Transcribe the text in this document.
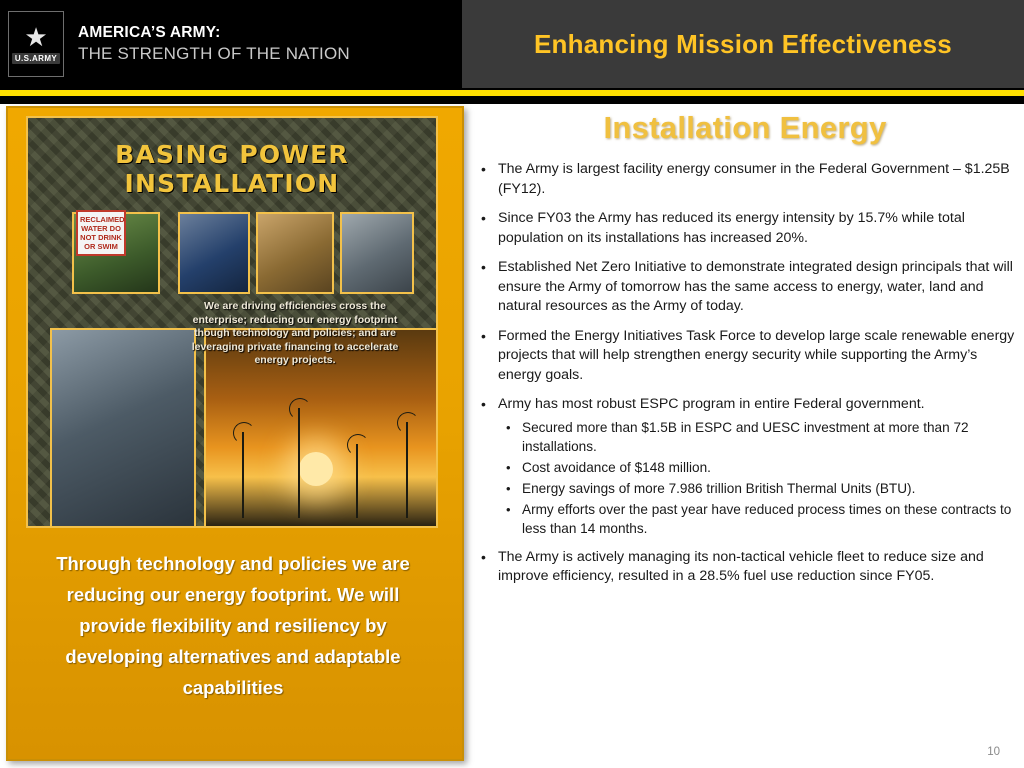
★
U.S.ARMY
AMERICA’S ARMY:
THE STRENGTH OF THE NATION	Enhancing Mission Effectiveness
BASING POWER
INSTALLATION
RECLAIMED WATER DO NOT DRINK OR SWIM
We are driving efficiencies cross the enterprise; reducing our energy footprint though technology and policies; and are leveraging private financing to accelerate energy projects.
Through technology and policies we are reducing our energy footprint. We will provide flexibility and resiliency by developing alternatives and adaptable capabilities
Installation Energy
• The Army is largest facility energy consumer in the Federal Government – $1.25B (FY12).
• Since FY03 the Army has reduced its energy intensity by 15.7% while total population on its installations has increased 20%.
• Established Net Zero Initiative to demonstrate integrated design principals that will ensure the Army of tomorrow has the same access to energy, water, land and natural resources as the Army of today.
• Formed the Energy Initiatives Task Force to develop large scale renewable energy projects that will help strengthen energy security while supporting the Army’s energy goals.
• Army has most robust ESPC program in entire Federal government.
• Secured more than $1.5B in ESPC and UESC investment at more than 72 installations.
• Cost avoidance of $148 million.
• Energy savings of more 7.986 trillion British Thermal Units (BTU).
• Army efforts over the past year have reduced process times on these contracts to less than 14 months.
• The Army is actively managing its non-tactical vehicle fleet to reduce size and improve efficiency, resulted in a 28.5% fuel use reduction since FY05.
10
